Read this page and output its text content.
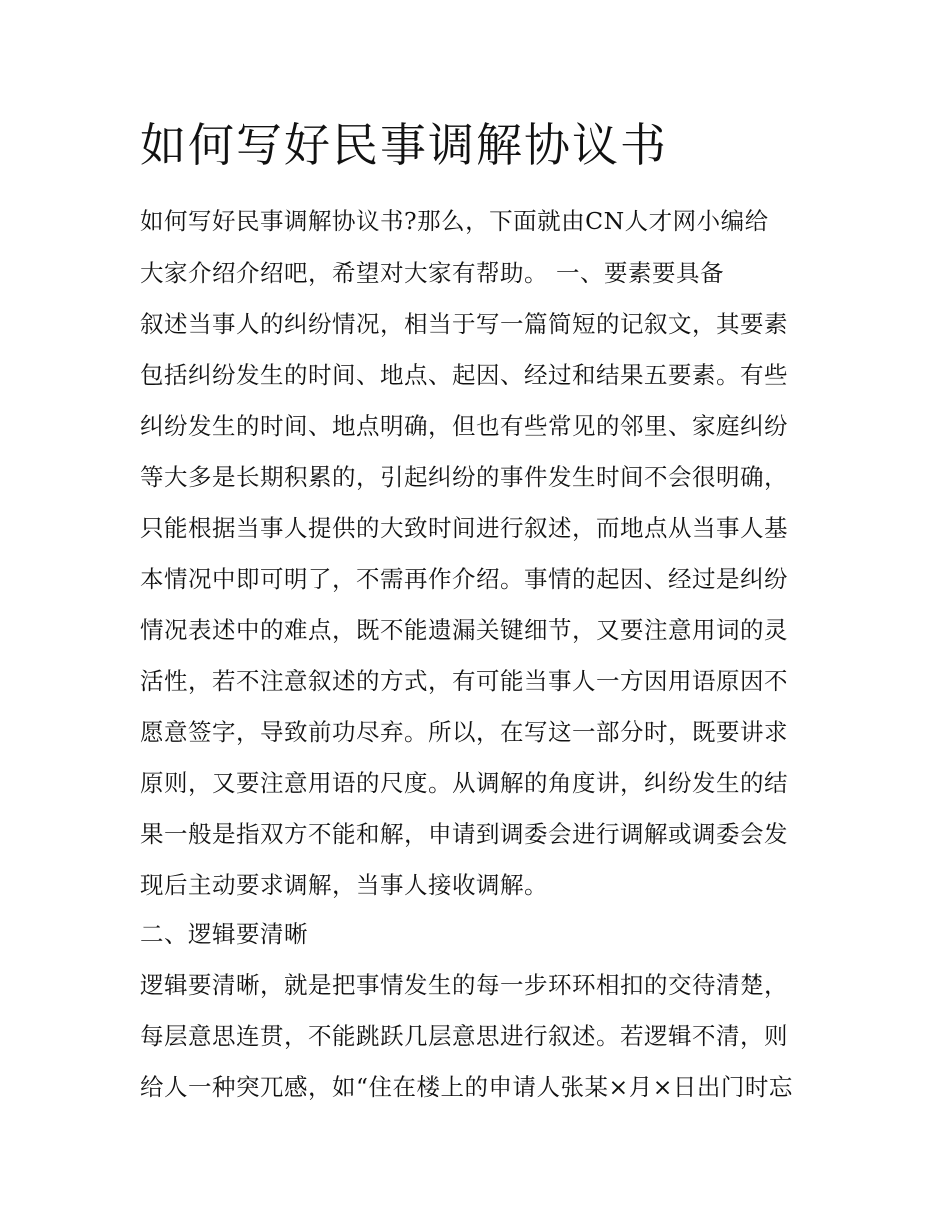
如何写好民事调解协议书

如何写好民事调解协议书?那么，下面就由CN人才网小编给

大家介绍介绍吧，希望对大家有帮助。 一、要素要具备

叙述当事人的纠纷情况，相当于写一篇简短的记叙文，其要素

包括纠纷发生的时间、地点、起因、经过和结果五要素。有些

纠纷发生的时间、地点明确，但也有些常见的邻里、家庭纠纷

等大多是长期积累的，引起纠纷的事件发生时间不会很明确，

只能根据当事人提供的大致时间进行叙述，而地点从当事人基

本情况中即可明了，不需再作介绍。事情的起因、经过是纠纷

情况表述中的难点，既不能遗漏关键细节，又要注意用词的灵

活性，若不注意叙述的方式，有可能当事人一方因用语原因不

愿意签字，导致前功尽弃。所以，在写这一部分时，既要讲求

原则，又要注意用语的尺度。从调解的角度讲，纠纷发生的结

果一般是指双方不能和解，申请到调委会进行调解或调委会发

现后主动要求调解，当事人接收调解。

二、逻辑要清晰

逻辑要清晰，就是把事情发生的每一步环环相扣的交待清楚，

每层意思连贯，不能跳跃几层意思进行叙述。若逻辑不清，则

给人一种突兀感，如“住在楼上的申请人张某×月×日出门时忘
